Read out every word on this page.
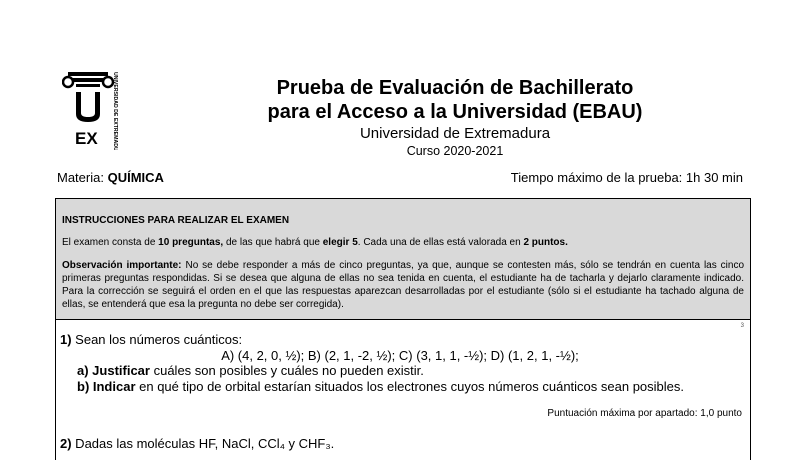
EX	UNIVERSIDAD DE EXTREMADURA	Prueba de Evaluación de Bachillerato
para el Acceso a la Universidad (EBAU)
Universidad de Extremadura
Curso 2020-2021
Materia: QUÍMICA	Tiempo máximo de la prueba: 1h 30 min

INSTRUCCIONES PARA REALIZAR EL EXAMEN

El examen consta de 10 preguntas, de las que habrá que elegir 5. Cada una de ellas está valorada en 2 puntos.

Observación importante: No se debe responder a más de cinco preguntas, ya que, aunque se contesten más, sólo se tendrán en cuenta las cinco primeras preguntas respondidas. Si se desea que alguna de ellas no sea tenida en cuenta, el estudiante ha de tacharla y dejarlo claramente indicado. Para la corrección se seguirá el orden en el que las respuestas aparezcan desarrolladas por el estudiante (sólo si el estudiante ha tachado alguna de ellas, se entenderá que esa la pregunta no debe ser corregida).

3
1) Sean los números cuánticos:
A) (4, 2, 0, ½); B) (2, 1, -2, ½); C) (3, 1, 1, -½); D) (1, 2, 1, -½);
a) Justificar cuáles son posibles y cuáles no pueden existir.
b) Indicar en qué tipo de orbital estarían situados los electrones cuyos números cuánticos sean posibles.
Puntuación máxima por apartado: 1,0 punto
2) Dadas las moléculas HF, NaCl, CCl₄ y CHF₃.
